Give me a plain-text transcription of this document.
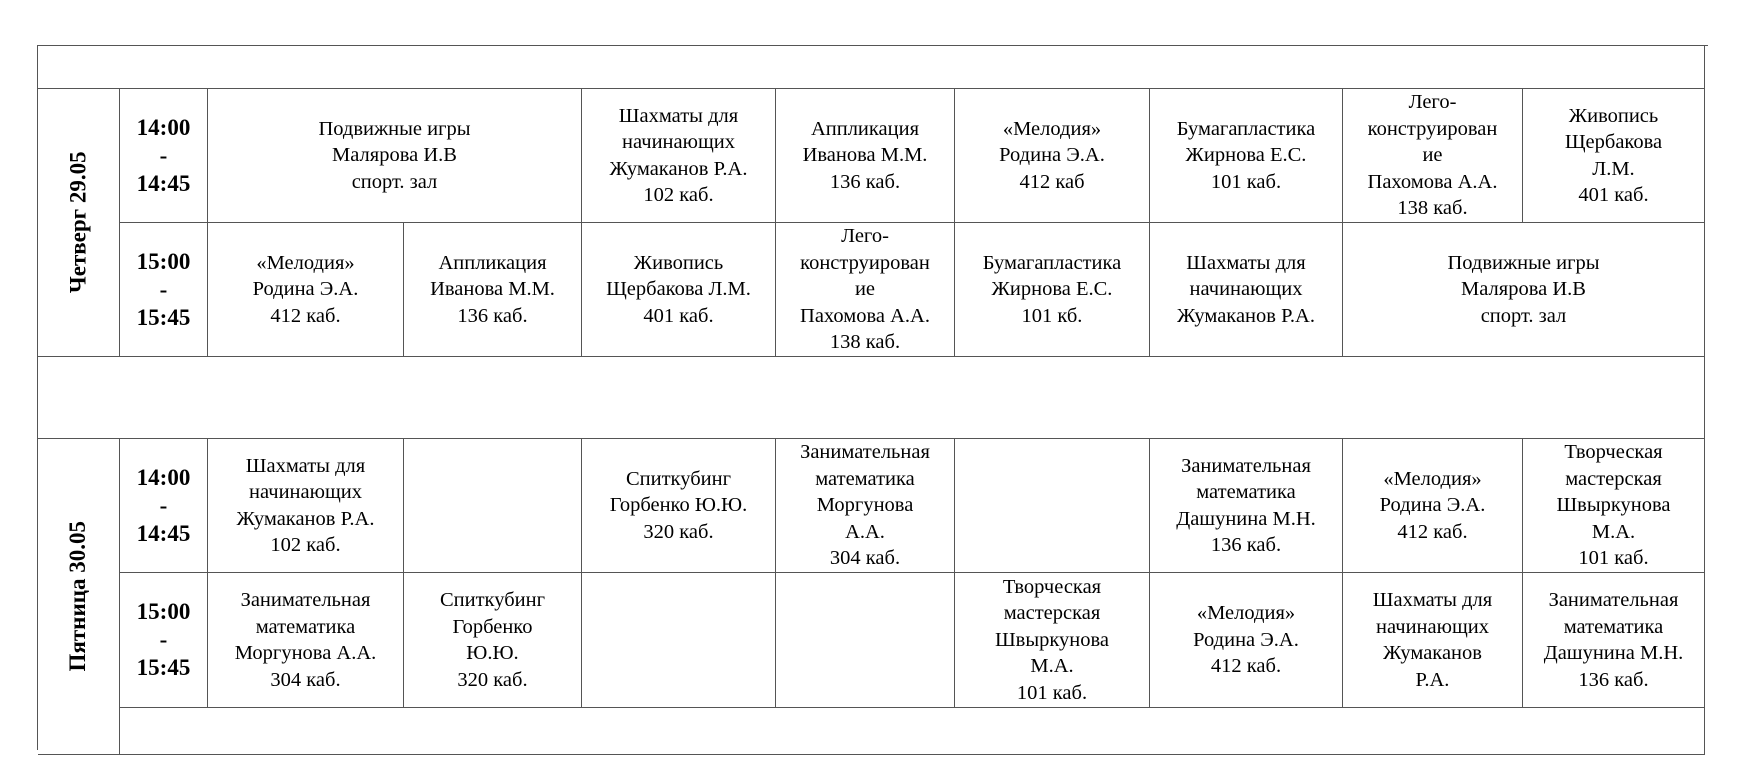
Четверг 29.05
14:00
-
14:45
Подвижные игры
Малярова И.В
спорт. зал
Шахматы для
начинающих
Жумаканов Р.А.
102 каб.
Аппликация
Иванова М.М.
136 каб.
«Мелодия»
Родина Э.А.
412 каб
Бумагапластика
Жирнова Е.С.
101 каб.
Лего-
конструирован
ие
Пахомова А.А.
138 каб.
Живопись
Щербакова
Л.М.
401 каб.
15:00
-
15:45
«Мелодия»
Родина Э.А.
412 каб.
Аппликация
Иванова М.М.
136 каб.
Живопись
Щербакова Л.М.
401 каб.
Лего-
конструирован
ие
Пахомова А.А.
138 каб.
Бумагапластика
Жирнова Е.С.
101 кб.
Шахматы для
начинающих
Жумаканов Р.А.
Подвижные игры
Малярова И.В
спорт. зал
Пятница 30.05
14:00
-
14:45
Шахматы для
начинающих
Жумаканов Р.А.
102 каб.
Спиткубинг
Горбенко Ю.Ю.
320 каб.
Занимательная
математика
Моргунова
А.А.
304 каб.
Занимательная
математика
Дашунина М.Н.
136 каб.
«Мелодия»
Родина Э.А.
412 каб.
Творческая
мастерская
Швыркунова
М.А.
101 каб.
15:00
-
15:45
Занимательная
математика
Моргунова А.А.
304 каб.
Спиткубинг
Горбенко
Ю.Ю.
320 каб.
Творческая
мастерская
Швыркунова
М.А.
101 каб.
«Мелодия»
Родина Э.А.
412 каб.
Шахматы для
начинающих
Жумаканов
Р.А.
Занимательная
математика
Дашунина М.Н.
136 каб.
